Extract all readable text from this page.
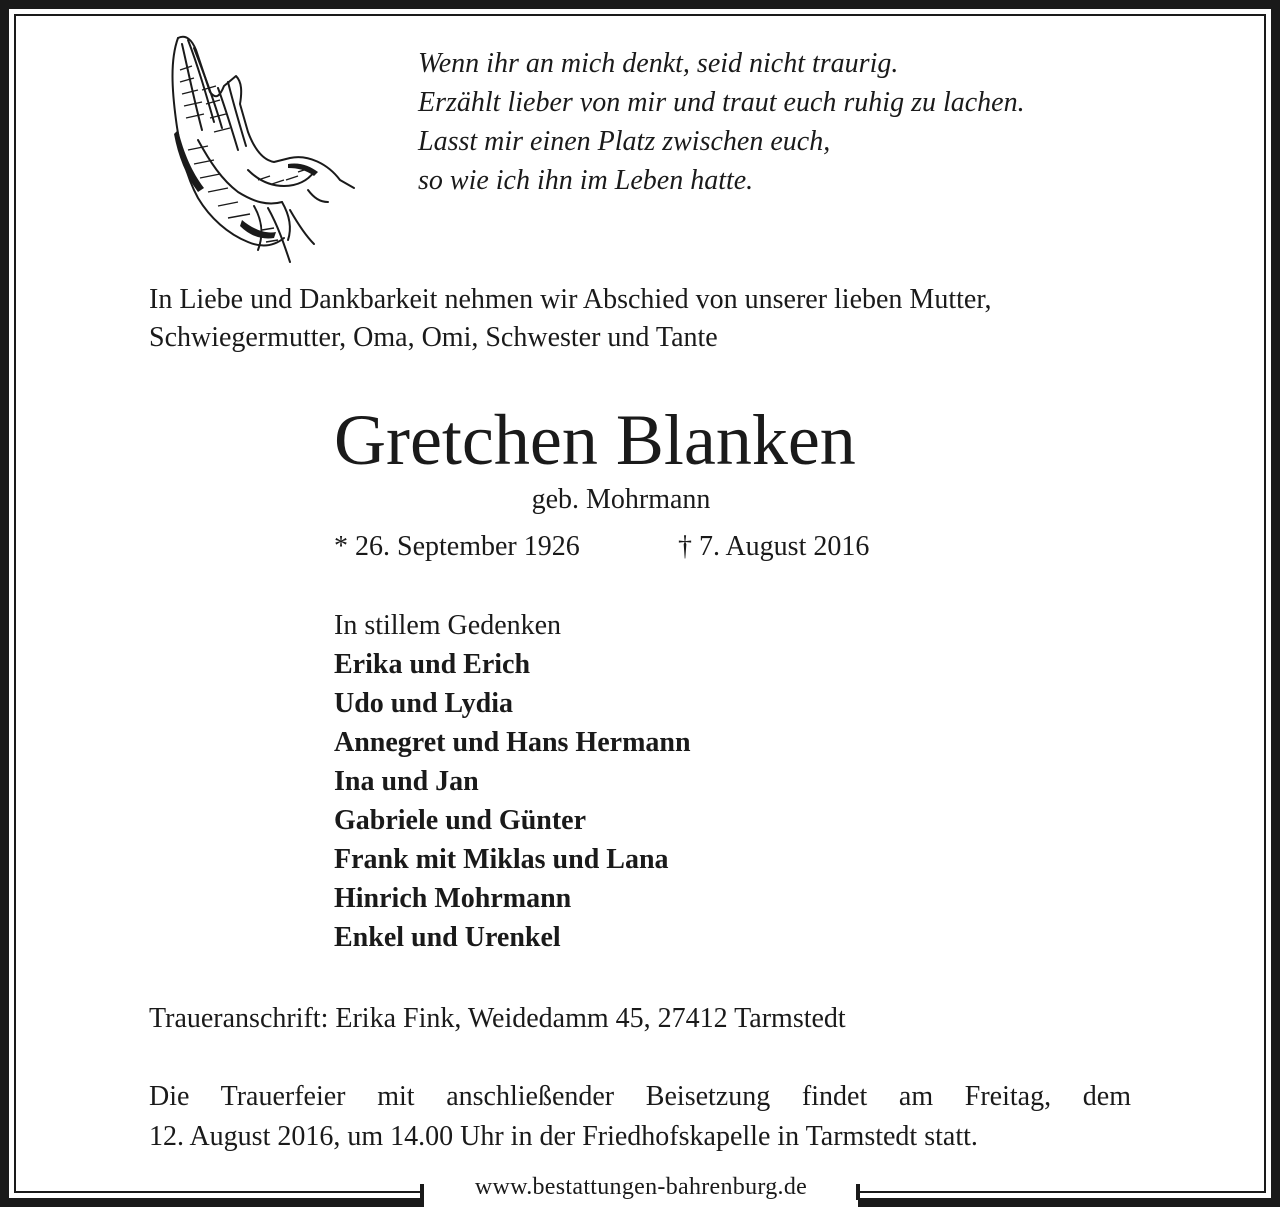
Wenn ihr an mich denkt, seid nicht traurig.
Erzählt lieber von mir und traut euch ruhig zu lachen.
Lasst mir einen Platz zwischen euch,
so wie ich ihn im Leben hatte.
In Liebe und Dankbarkeit nehmen wir Abschied von unserer lieben Mutter,
Schwiegermutter, Oma, Omi, Schwester und Tante
Gretchen Blanken
geb. Mohrmann
* 26. September 1926	† 7. August 2016
In stillem Gedenken
Erika und Erich
Udo und Lydia
Annegret und Hans Hermann
Ina und Jan
Gabriele und Günter
Frank mit Miklas und Lana
Hinrich Mohrmann
Enkel und Urenkel
Traueranschrift: Erika Fink, Weidedamm 45, 27412 Tarmstedt
Die Trauerfeier mit anschließender Beisetzung findet am Freitag, dem
12. August 2016, um 14.00 Uhr in der Friedhofskapelle in Tarmstedt statt.
www.bestattungen-bahrenburg.de
